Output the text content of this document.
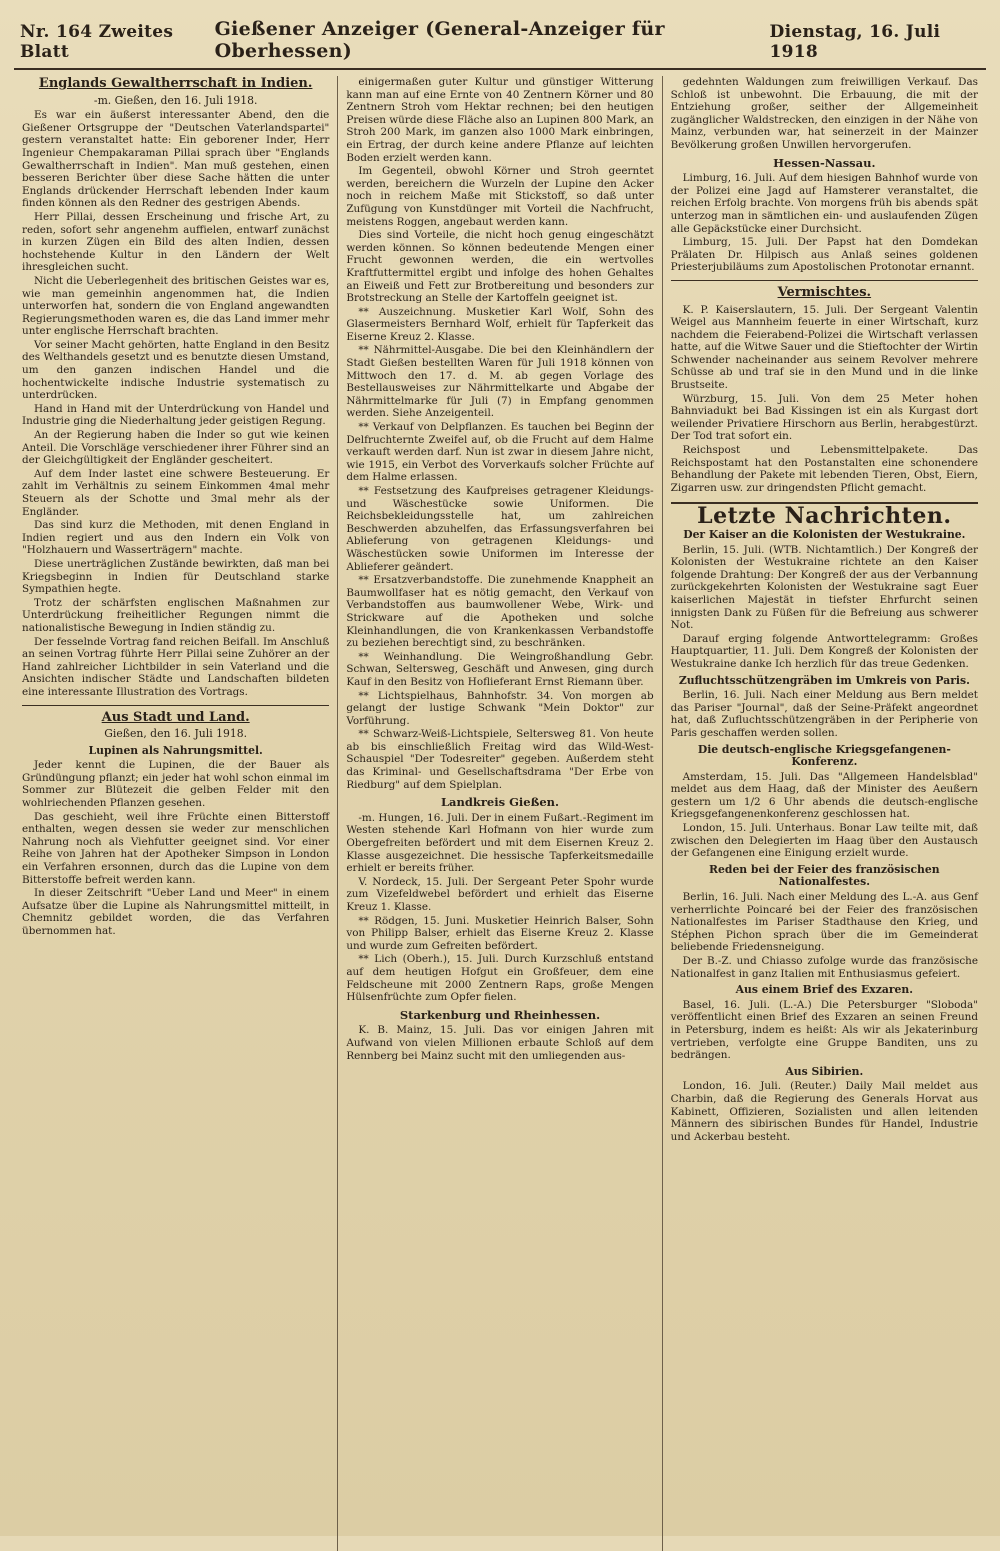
Nr. 164 Zweites Blatt
Gießener Anzeiger (General-Anzeiger für Oberhessen)
Dienstag, 16. Juli 1918
Englands Gewaltherrschaft in Indien.
-m. Gießen, den 16. Juli 1918.

Es war ein äußerst interessanter Abend, den die Gießener Ortsgruppe der "Deutschen Vaterlandspartei" gestern veranstaltet hatte: Ein geborener Inder, Herr Ingenieur Chempakaraman Pillai sprach über "Englands Gewaltherrschaft in Indien". Man muß gestehen, einen besseren Berichter über diese Sache hätten die unter Englands drückender Herrschaft lebenden Inder kaum finden können als den Redner des gestrigen Abends.

Herr Pillai, dessen Erscheinung und frische Art, zu reden, sofort sehr angenehm auffielen, entwarf zunächst in kurzen Zügen ein Bild des alten Indien, dessen hochstehende Kultur in den Ländern der Welt ihresgleichen sucht.

Nicht die Ueberlegenheit des britischen Geistes war es, wie man gemeinhin angenommen hat, die Indien unterworfen hat, sondern die von England angewandten Regierungsmethoden waren es, die das Land immer mehr unter englische Herrschaft brachten.

Vor seiner Macht gehörten, hatte England in den Besitz des Welthandels gesetzt und es benutzte diesen Umstand, um den ganzen indischen Handel und die hochentwickelte indische Industrie systematisch zu unterdrücken.

Hand in Hand mit der Unterdrückung von Handel und Industrie ging die Niederhaltung jeder geistigen Regung.

An der Regierung haben die Inder so gut wie keinen Anteil. Die Vorschläge verschiedener ihrer Führer sind an der Gleichgültigkeit der Engländer gescheitert.

Auf dem Inder lastet eine schwere Besteuerung. Er zahlt im Verhältnis zu seinem Einkommen 4mal mehr Steuern als der Schotte und 3mal mehr als der Engländer.

Das sind kurz die Methoden, mit denen England in Indien regiert und aus den Indern ein Volk von "Holzhauern und Wasserträgern" machte.

Diese unerträglichen Zustände bewirkten, daß man bei Kriegsbeginn in Indien für Deutschland starke Sympathien hegte.

Trotz der schärfsten englischen Maßnahmen zur Unterdrückung freiheitlicher Regungen nimmt die nationalistische Bewegung in Indien ständig zu.

Der fesselnde Vortrag fand reichen Beifall. Im Anschluß an seinen Vortrag führte Herr Pillai seine Zuhörer an der Hand zahlreicher Lichtbilder in sein Vaterland und die Ansichten indischer Städte und Landschaften bildeten eine interessante Illustration des Vortrags.

Aus Stadt und Land.
Gießen, den 16. Juli 1918.
Lupinen als Nahrungsmittel.

Jeder kennt die Lupinen, die der Bauer als Gründüngung pflanzt; ein jeder hat wohl schon einmal im Sommer zur Blütezeit die gelben Felder mit den wohlriechenden Pflanzen gesehen.

Das geschieht, weil ihre Früchte einen Bitterstoff enthalten, wegen dessen sie weder zur menschlichen Nahrung noch als Viehfutter geeignet sind. Vor einer Reihe von Jahren hat der Apotheker Simpson in London ein Verfahren ersonnen, durch das die Lupine von dem Bitterstoffe befreit werden kann.

In dieser Zeitschrift "Ueber Land und Meer" in einem Aufsatze über die Lupine als Nahrungsmittel mitteilt, in Chemnitz gebildet worden, die das Verfahren übernommen hat.

einigermaßen guter Kultur und günstiger Witterung kann man auf eine Ernte von 40 Zentnern Körner und 80 Zentnern Stroh vom Hektar rechnen; bei den heutigen Preisen würde diese Fläche also an Lupinen 800 Mark, an Stroh 200 Mark, im ganzen also 1000 Mark einbringen, ein Ertrag, der durch keine andere Pflanze auf leichten Boden erzielt werden kann.

Im Gegenteil, obwohl Körner und Stroh geerntet werden, bereichern die Wurzeln der Lupine den Acker noch in reichem Maße mit Stickstoff, so daß unter Zufügung von Kunstdünger mit Vorteil die Nachfrucht, meistens Roggen, angebaut werden kann.

Dies sind Vorteile, die nicht hoch genug eingeschätzt werden können. So können bedeutende Mengen einer Frucht gewonnen werden, die ein wertvolles Kraftfuttermittel ergibt und infolge des hohen Gehaltes an Eiweiß und Fett zur Brotbereitung und besonders zur Brotstreckung an Stelle der Kartoffeln geeignet ist.

** Auszeichnung. Musketier Karl Wolf, Sohn des Glasermeisters Bernhard Wolf, erhielt für Tapferkeit das Eiserne Kreuz 2. Klasse.

** Nährmittel-Ausgabe. Die bei den Kleinhändlern der Stadt Gießen bestellten Waren für Juli 1918 können von Mittwoch den 17. d. M. ab gegen Vorlage des Bestellausweises zur Nährmittelkarte und Abgabe der Nährmittelmarke für Juli (7) in Empfang genommen werden. Siehe Anzeigenteil.

** Verkauf von Delpflanzen. Es tauchen bei Beginn der Delfruchternte Zweifel auf, ob die Frucht auf dem Halme verkauft werden darf. Nun ist zwar in diesem Jahre nicht, wie 1915, ein Verbot des Vorverkaufs solcher Früchte auf dem Halme erlassen.

** Festsetzung des Kaufpreises getragener Kleidungs- und Wäschestücke sowie Uniformen. Die Reichsbekleidungsstelle hat, um zahlreichen Beschwerden abzuhelfen, das Erfassungsverfahren bei Ablieferung von getragenen Kleidungs- und Wäschestücken sowie Uniformen im Interesse der Ablieferer geändert.

** Ersatzverbandstoffe. Die zunehmende Knappheit an Baumwollfaser hat es nötig gemacht, den Verkauf von Verbandstoffen aus baumwollener Webe, Wirk- und Strickware auf die Apotheken und solche Kleinhandlungen, die von Krankenkassen Verbandstoffe zu beziehen berechtigt sind, zu beschränken.

** Weinhandlung. Die Weingroßhandlung Gebr. Schwan, Seltersweg, Geschäft und Anwesen, ging durch Kauf in den Besitz von Hoflieferant Ernst Riemann über.

** Lichtspielhaus, Bahnhofstr. 34. Von morgen ab gelangt der lustige Schwank "Mein Doktor" zur Vorführung.

** Schwarz-Weiß-Lichtspiele, Seltersweg 81. Von heute ab bis einschließlich Freitag wird das Wild-West-Schauspiel "Der Todesreiter" gegeben. Außerdem steht das Kriminal- und Gesellschaftsdrama "Der Erbe von Riedburg" auf dem Spielplan.

Landkreis Gießen.

-m. Hungen, 16. Juli. Der in einem Fußart.-Regiment im Westen stehende Karl Hofmann von hier wurde zum Obergefreiten befördert und mit dem Eisernen Kreuz 2. Klasse ausgezeichnet. Die hessische Tapferkeitsmedaille erhielt er bereits früher.

V. Nordeck, 15. Juli. Der Sergeant Peter Spohr wurde zum Vizefeldwebel befördert und erhielt das Eiserne Kreuz 1. Klasse.

** Rödgen, 15. Juni. Musketier Heinrich Balser, Sohn von Philipp Balser, erhielt das Eiserne Kreuz 2. Klasse und wurde zum Gefreiten befördert.

** Lich (Oberh.), 15. Juli. Durch Kurzschluß entstand auf dem heutigen Hofgut ein Großfeuer, dem eine Feldscheune mit 2000 Zentnern Raps, große Mengen Hülsenfrüchte zum Opfer fielen.

Starkenburg und Rheinhessen.

K. B. Mainz, 15. Juli. Das vor einigen Jahren mit Aufwand von vielen Millionen erbaute Schloß auf dem Rennberg bei Mainz sucht mit den umliegenden aus-

gedehnten Waldungen zum freiwilligen Verkauf. Das Schloß ist unbewohnt. Die Erbauung, die mit der Entziehung großer, seither der Allgemeinheit zugänglicher Waldstrecken, den einzigen in der Nähe von Mainz, verbunden war, hat seinerzeit in der Mainzer Bevölkerung großen Unwillen hervorgerufen.

Hessen-Nassau.

Limburg, 16. Juli. Auf dem hiesigen Bahnhof wurde von der Polizei eine Jagd auf Hamsterer veranstaltet, die reichen Erfolg brachte. Von morgens früh bis abends spät unterzog man in sämtlichen ein- und auslaufenden Zügen alle Gepäckstücke einer Durchsicht.

Limburg, 15. Juli. Der Papst hat den Domdekan Prälaten Dr. Hilpisch aus Anlaß seines goldenen Priesterjubiläums zum Apostolischen Protonotar ernannt.

Vermischtes.

K. P. Kaiserslautern, 15. Juli. Der Sergeant Valentin Weigel aus Mannheim feuerte in einer Wirtschaft, kurz nachdem die Feierabend-Polizei die Wirtschaft verlassen hatte, auf die Witwe Sauer und die Stieftochter der Wirtin Schwender nacheinander aus seinem Revolver mehrere Schüsse ab und traf sie in den Mund und in die linke Brustseite.

Würzburg, 15. Juli. Von dem 25 Meter hohen Bahnviadukt bei Bad Kissingen ist ein als Kurgast dort weilender Privatiere Hirschorn aus Berlin, herabgestürzt. Der Tod trat sofort ein.

Reichspost und Lebensmittelpakete. Das Reichspostamt hat den Postanstalten eine schonendere Behandlung der Pakete mit lebenden Tieren, Obst, Eiern, Zigarren usw. zur dringendsten Pflicht gemacht.

Letzte Nachrichten.
Der Kaiser an die Kolonisten der Westukraine.

Berlin, 15. Juli. (WTB. Nichtamtlich.) Der Kongreß der Kolonisten der Westukraine richtete an den Kaiser folgende Drahtung: Der Kongreß der aus der Verbannung zurückgekehrten Kolonisten der Westukraine sagt Euer kaiserlichen Majestät in tiefster Ehrfurcht seinen innigsten Dank zu Füßen für die Befreiung aus schwerer Not.

Darauf erging folgende Antworttelegramm: Großes Hauptquartier, 11. Juli. Dem Kongreß der Kolonisten der Westukraine danke Ich herzlich für das treue Gedenken.

Zufluchtsschützengräben im Umkreis von Paris.

Berlin, 16. Juli. Nach einer Meldung aus Bern meldet das Pariser "Journal", daß der Seine-Präfekt angeordnet hat, daß Zufluchtsschützengräben in der Peripherie von Paris geschaffen werden sollen.

Die deutsch-englische Kriegsgefangenen-Konferenz.

Amsterdam, 15. Juli. Das "Allgemeen Handelsblad" meldet aus dem Haag, daß der Minister des Aeußern gestern um 1/2 6 Uhr abends die deutsch-englische Kriegsgefangenenkonferenz geschlossen hat.

London, 15. Juli. Unterhaus. Bonar Law teilte mit, daß zwischen den Delegierten im Haag über den Austausch der Gefangenen eine Einigung erzielt wurde.

Reden bei der Feier des französischen Nationalfestes.

Berlin, 16. Juli. Nach einer Meldung des L.-A. aus Genf verherrlichte Poincaré bei der Feier des französischen Nationalfestes im Pariser Stadthause den Krieg, und Stéphen Pichon sprach über die im Gemeinderat beliebende Friedensneigung.

Der B.-Z. und Chiasso zufolge wurde das französische Nationalfest in ganz Italien mit Enthusiasmus gefeiert.

Aus einem Brief des Exzaren.

Basel, 16. Juli. (L.-A.) Die Petersburger "Sloboda" veröffentlicht einen Brief des Exzaren an seinen Freund in Petersburg, indem es heißt: Als wir als Jekaterinburg vertrieben, verfolgte eine Gruppe Banditen, uns zu bedrängen.

Aus Sibirien.

London, 16. Juli. (Reuter.) Daily Mail meldet aus Charbin, daß die Regierung des Generals Horvat aus Kabinett, Offizieren, Sozialisten und allen leitenden Männern des sibirischen Bundes für Handel, Industrie und Ackerbau besteht.
